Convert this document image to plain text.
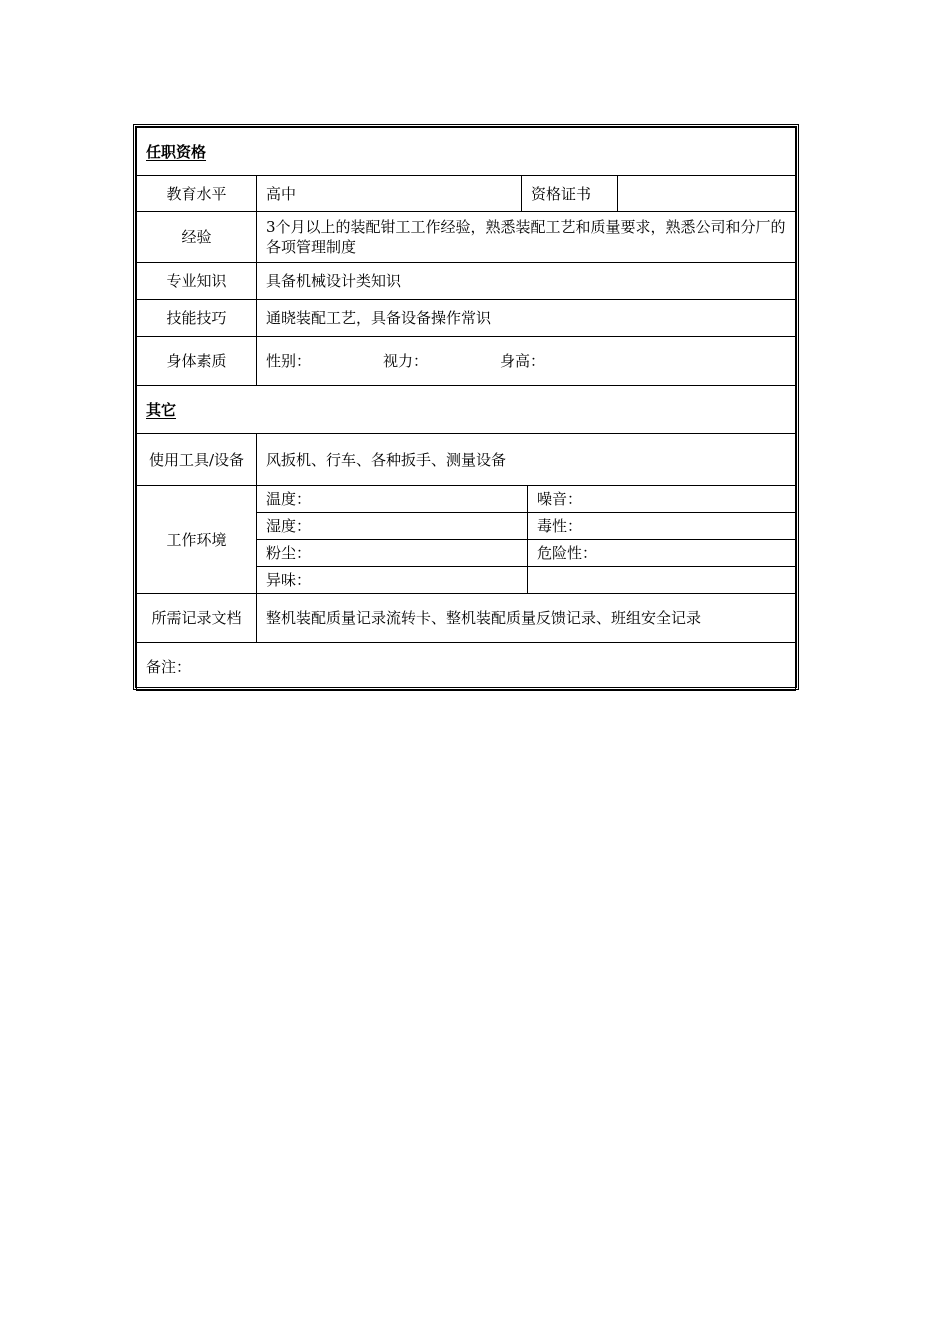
任职资格				
教育水平	高中	资格证书		
经验	3个月以上的装配钳工工作经验，熟悉装配工艺和质量要求，熟悉公司和分厂的各项管理制度			
专业知识	具备机械设计类知识			
技能技巧	通晓装配工艺，具备设备操作常识			
身体素质	性别： 视力： 身高：			
其它				
使用工具/设备	风扳机、行车、各种扳手、测量设备			
工作环境	温度：		噪音：	
	湿度：		毒性：	
	粉尘：		危险性：	
	异味：			
所需记录文档	整机装配质量记录流转卡、整机装配质量反馈记录、班组安全记录			
备注：				
